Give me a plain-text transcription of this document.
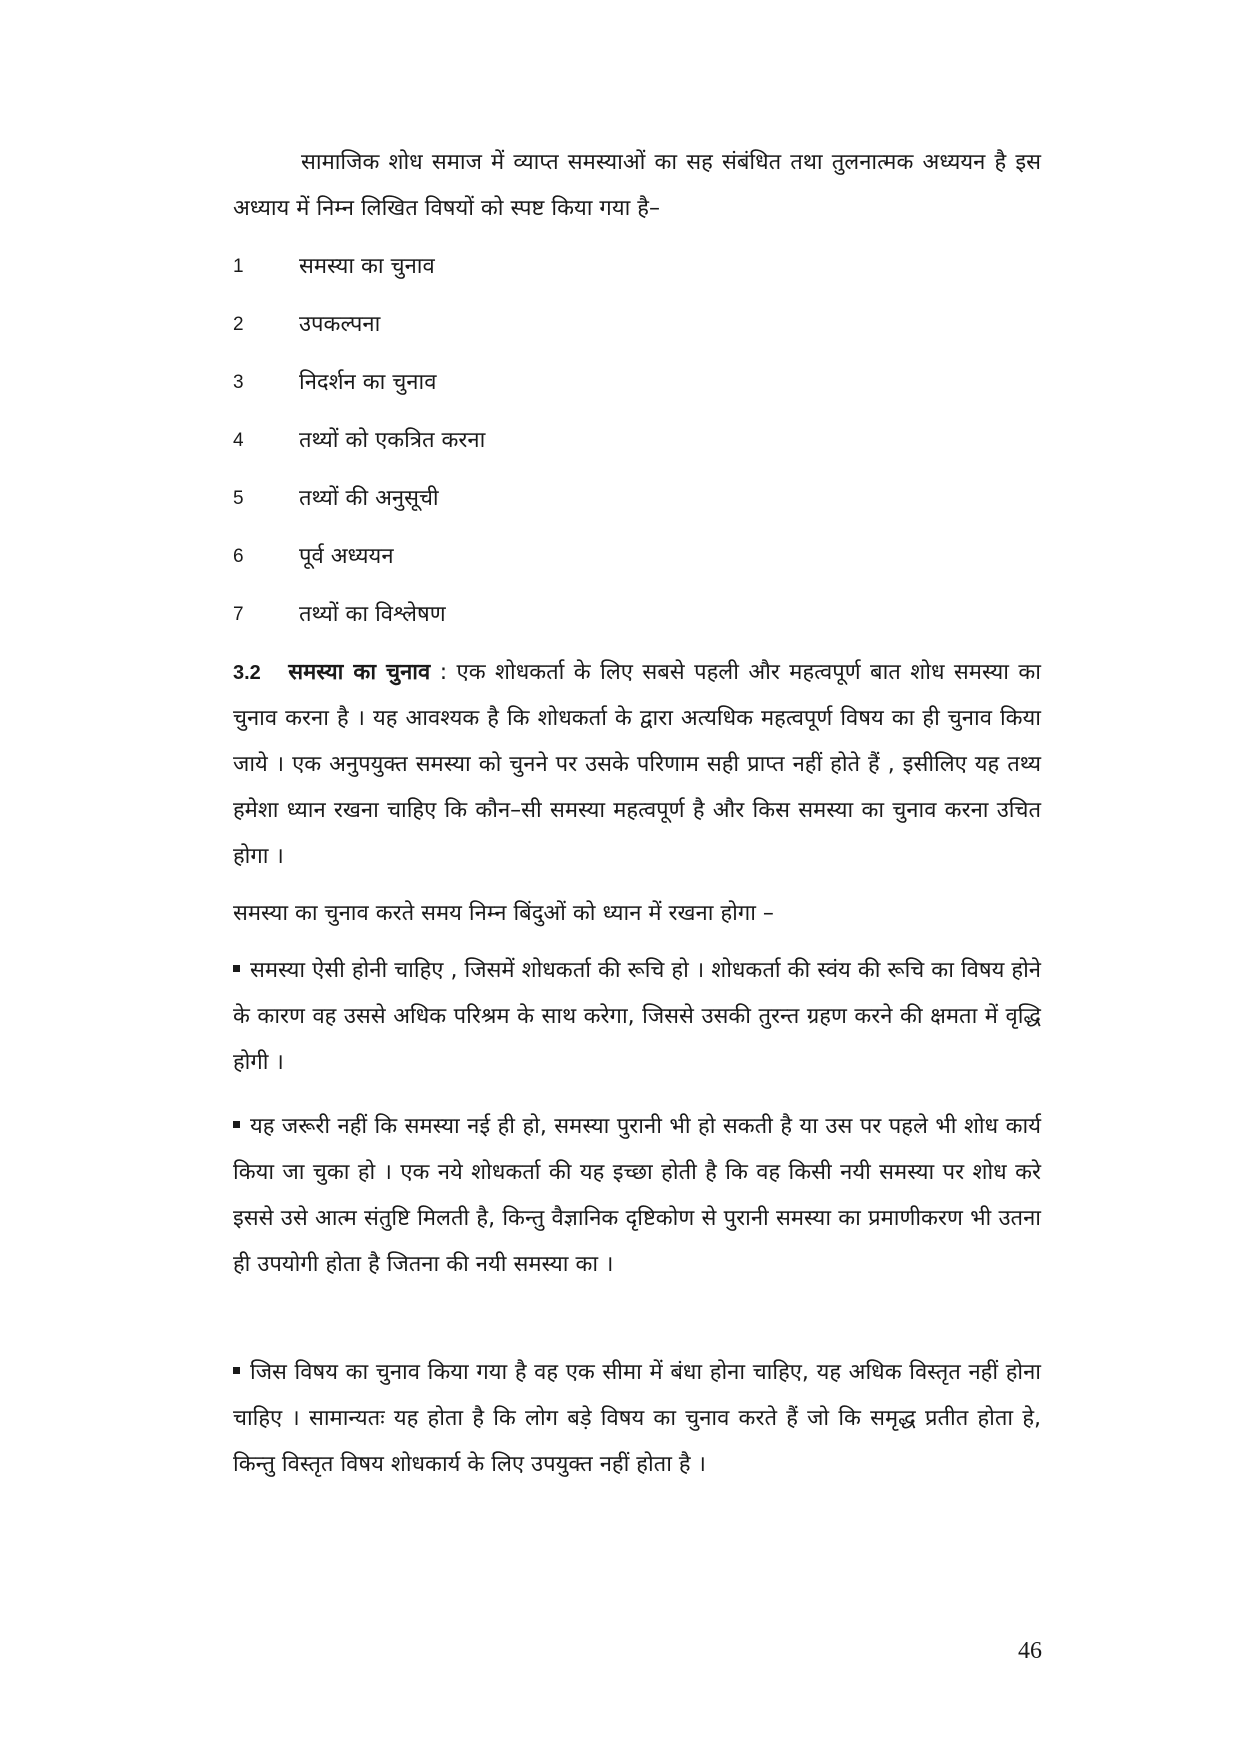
सामाजिक शोध समाज में व्याप्त समस्याओं का सह संबंधित तथा तुलनात्मक अध्ययन है इस अध्याय में निम्न लिखित विषयों को स्पष्ट किया गया है–

1	समस्या का चुनाव
2	उपकल्पना
3	निदर्शन का चुनाव
4	तथ्यों को एकत्रित करना
5	तथ्यों की अनुसूची
6	पूर्व अध्ययन
7	तथ्यों का विश्लेषण

3.2 समस्या का चुनाव : एक शोधकर्ता के लिए सबसे पहली और महत्वपूर्ण बात शोध समस्या का चुनाव करना है । यह आवश्यक है कि शोधकर्ता के द्वारा अत्यधिक महत्वपूर्ण विषय का ही चुनाव किया जाये । एक अनुपयुक्त समस्या को चुनने पर उसके परिणाम सही प्राप्त नहीं होते हैं , इसीलिए यह तथ्य हमेशा ध्यान रखना चाहिए कि कौन–सी समस्या महत्वपूर्ण है और किस समस्या का चुनाव करना उचित होगा ।

समस्या का चुनाव करते समय निम्न बिंदुओं को ध्यान में रखना होगा –

समस्या ऐसी होनी चाहिए , जिसमें शोधकर्ता की रूचि हो । शोधकर्ता की स्वंय की रूचि का विषय होने के कारण वह उससे अधिक परिश्रम के साथ करेगा, जिससे उसकी तुरन्त ग्रहण करने की क्षमता में वृद्धि होगी ।

यह जरूरी नहीं कि समस्या नई ही हो, समस्या पुरानी भी हो सकती है या उस पर पहले भी शोध कार्य किया जा चुका हो । एक नये शोधकर्ता की यह इच्छा होती है कि वह किसी नयी समस्या पर शोध करे इससे उसे आत्म संतुष्टि मिलती है, किन्तु वैज्ञानिक दृष्टिकोण से पुरानी समस्या का प्रमाणीकरण भी उतना ही उपयोगी होता है जितना की नयी समस्या का ।

जिस विषय का चुनाव किया गया है वह एक सीमा में बंधा होना चाहिए, यह अधिक विस्तृत नहीं होना चाहिए । सामान्यतः यह होता है कि लोग बड़े विषय का चुनाव करते हैं जो कि समृद्ध प्रतीत होता हे, किन्तु विस्तृत विषय शोधकार्य के लिए उपयुक्त नहीं होता है ।

46
